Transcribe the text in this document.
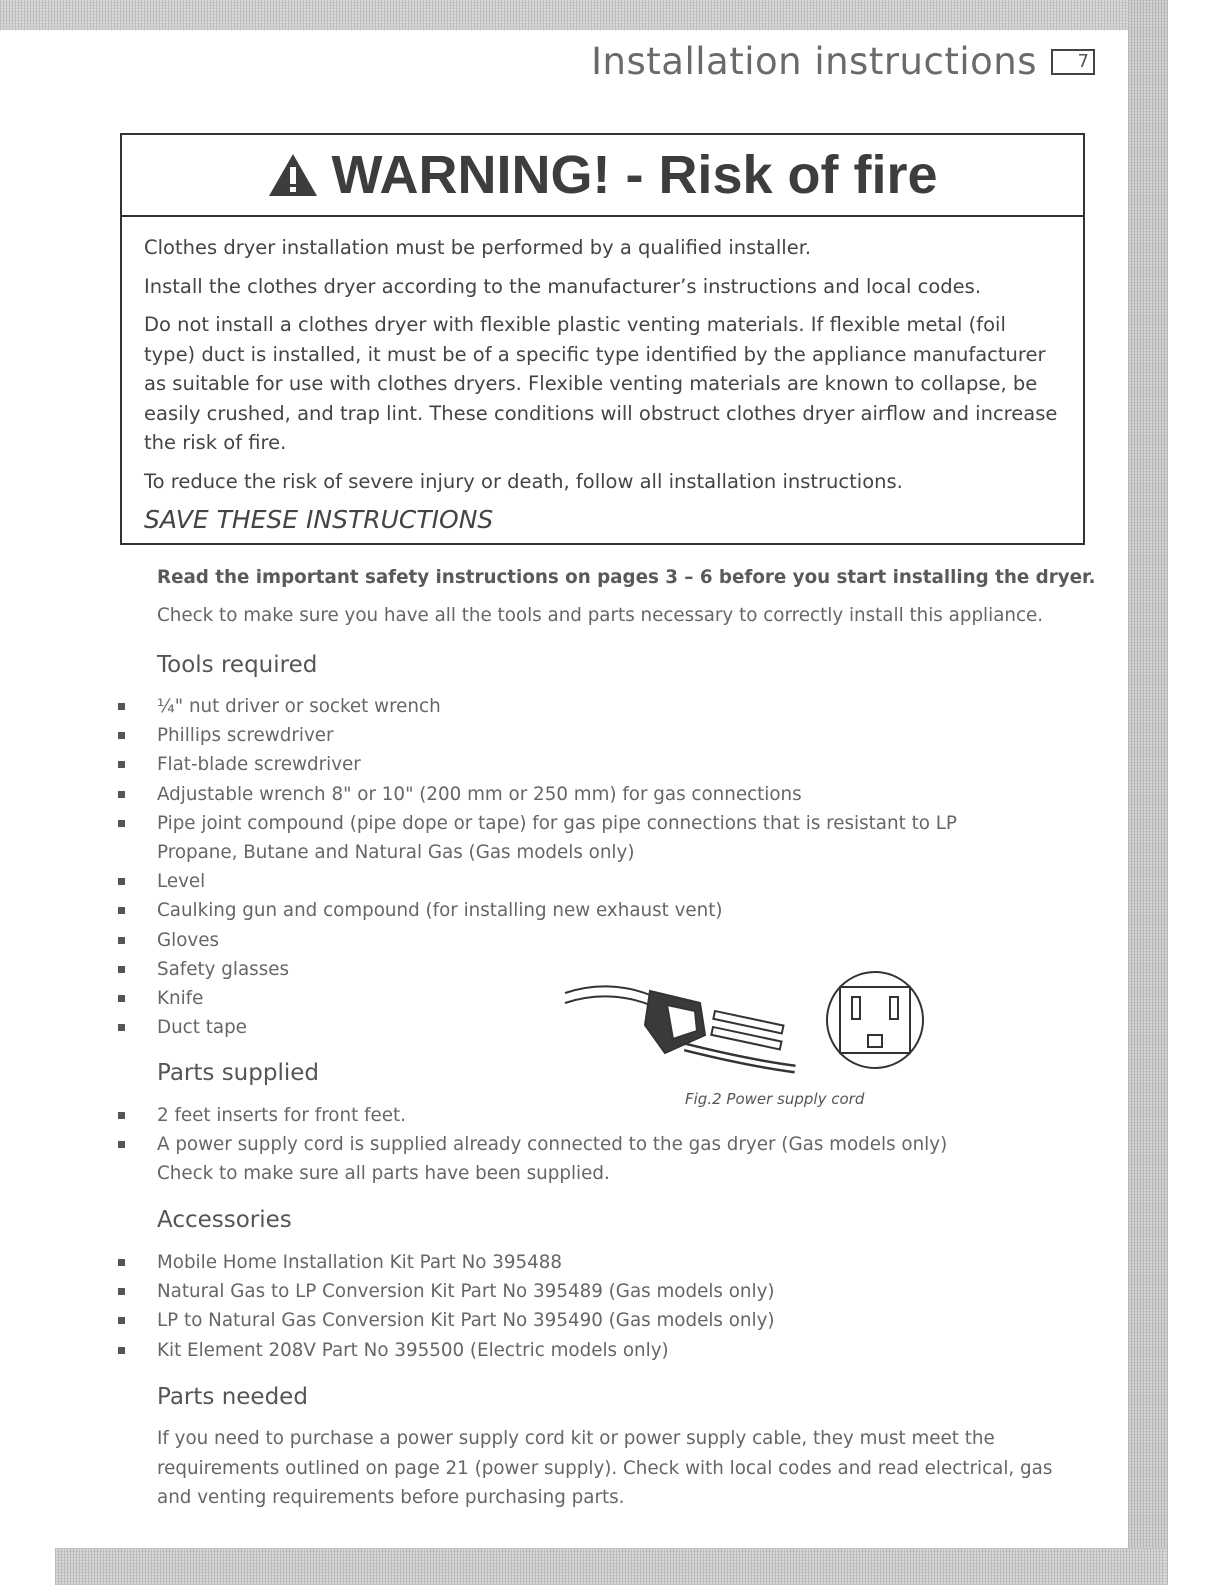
Installation instructions	7
WARNING! - Risk of fire

Clothes dryer installation must be performed by a qualified installer.

Install the clothes dryer according to the manufacturer’s instructions and local codes.

Do not install a clothes dryer with flexible plastic venting materials. If flexible metal (foil type) duct is installed, it must be of a specific type identified by the appliance manufacturer as suitable for use with clothes dryers. Flexible venting materials are known to collapse, be easily crushed, and trap lint. These conditions will obstruct clothes dryer airflow and increase the risk of fire.

To reduce the risk of severe injury or death, follow all installation instructions.

SAVE THESE INSTRUCTIONS

Read the important safety instructions on pages 3 – 6 before you start installing the dryer.

Check to make sure you have all the tools and parts necessary to correctly install this appliance.

Tools required
¼" nut driver or socket wrench
Phillips screwdriver
Flat-blade screwdriver
Adjustable wrench 8" or 10" (200 mm or 250 mm) for gas connections
Pipe joint compound (pipe dope or tape) for gas pipe connections that is resistant to LP Propane, Butane and Natural Gas (Gas models only)
Level
Caulking gun and compound (for installing new exhaust vent)
Gloves
Safety glasses
Knife
Duct tape
Fig.2 Power supply cord
Parts supplied
2 feet inserts for front feet.
A power supply cord is supplied already connected to the gas dryer (Gas models only) Check to make sure all parts have been supplied.
Accessories
Mobile Home Installation Kit Part No 395488
Natural Gas to LP Conversion Kit Part No 395489 (Gas models only)
LP to Natural Gas Conversion Kit Part No 395490 (Gas models only)
Kit Element 208V Part No 395500 (Electric models only)
Parts needed

If you need to purchase a power supply cord kit or power supply cable, they must meet the requirements outlined on page 21 (power supply). Check with local codes and read electrical, gas and venting requirements before purchasing parts.
